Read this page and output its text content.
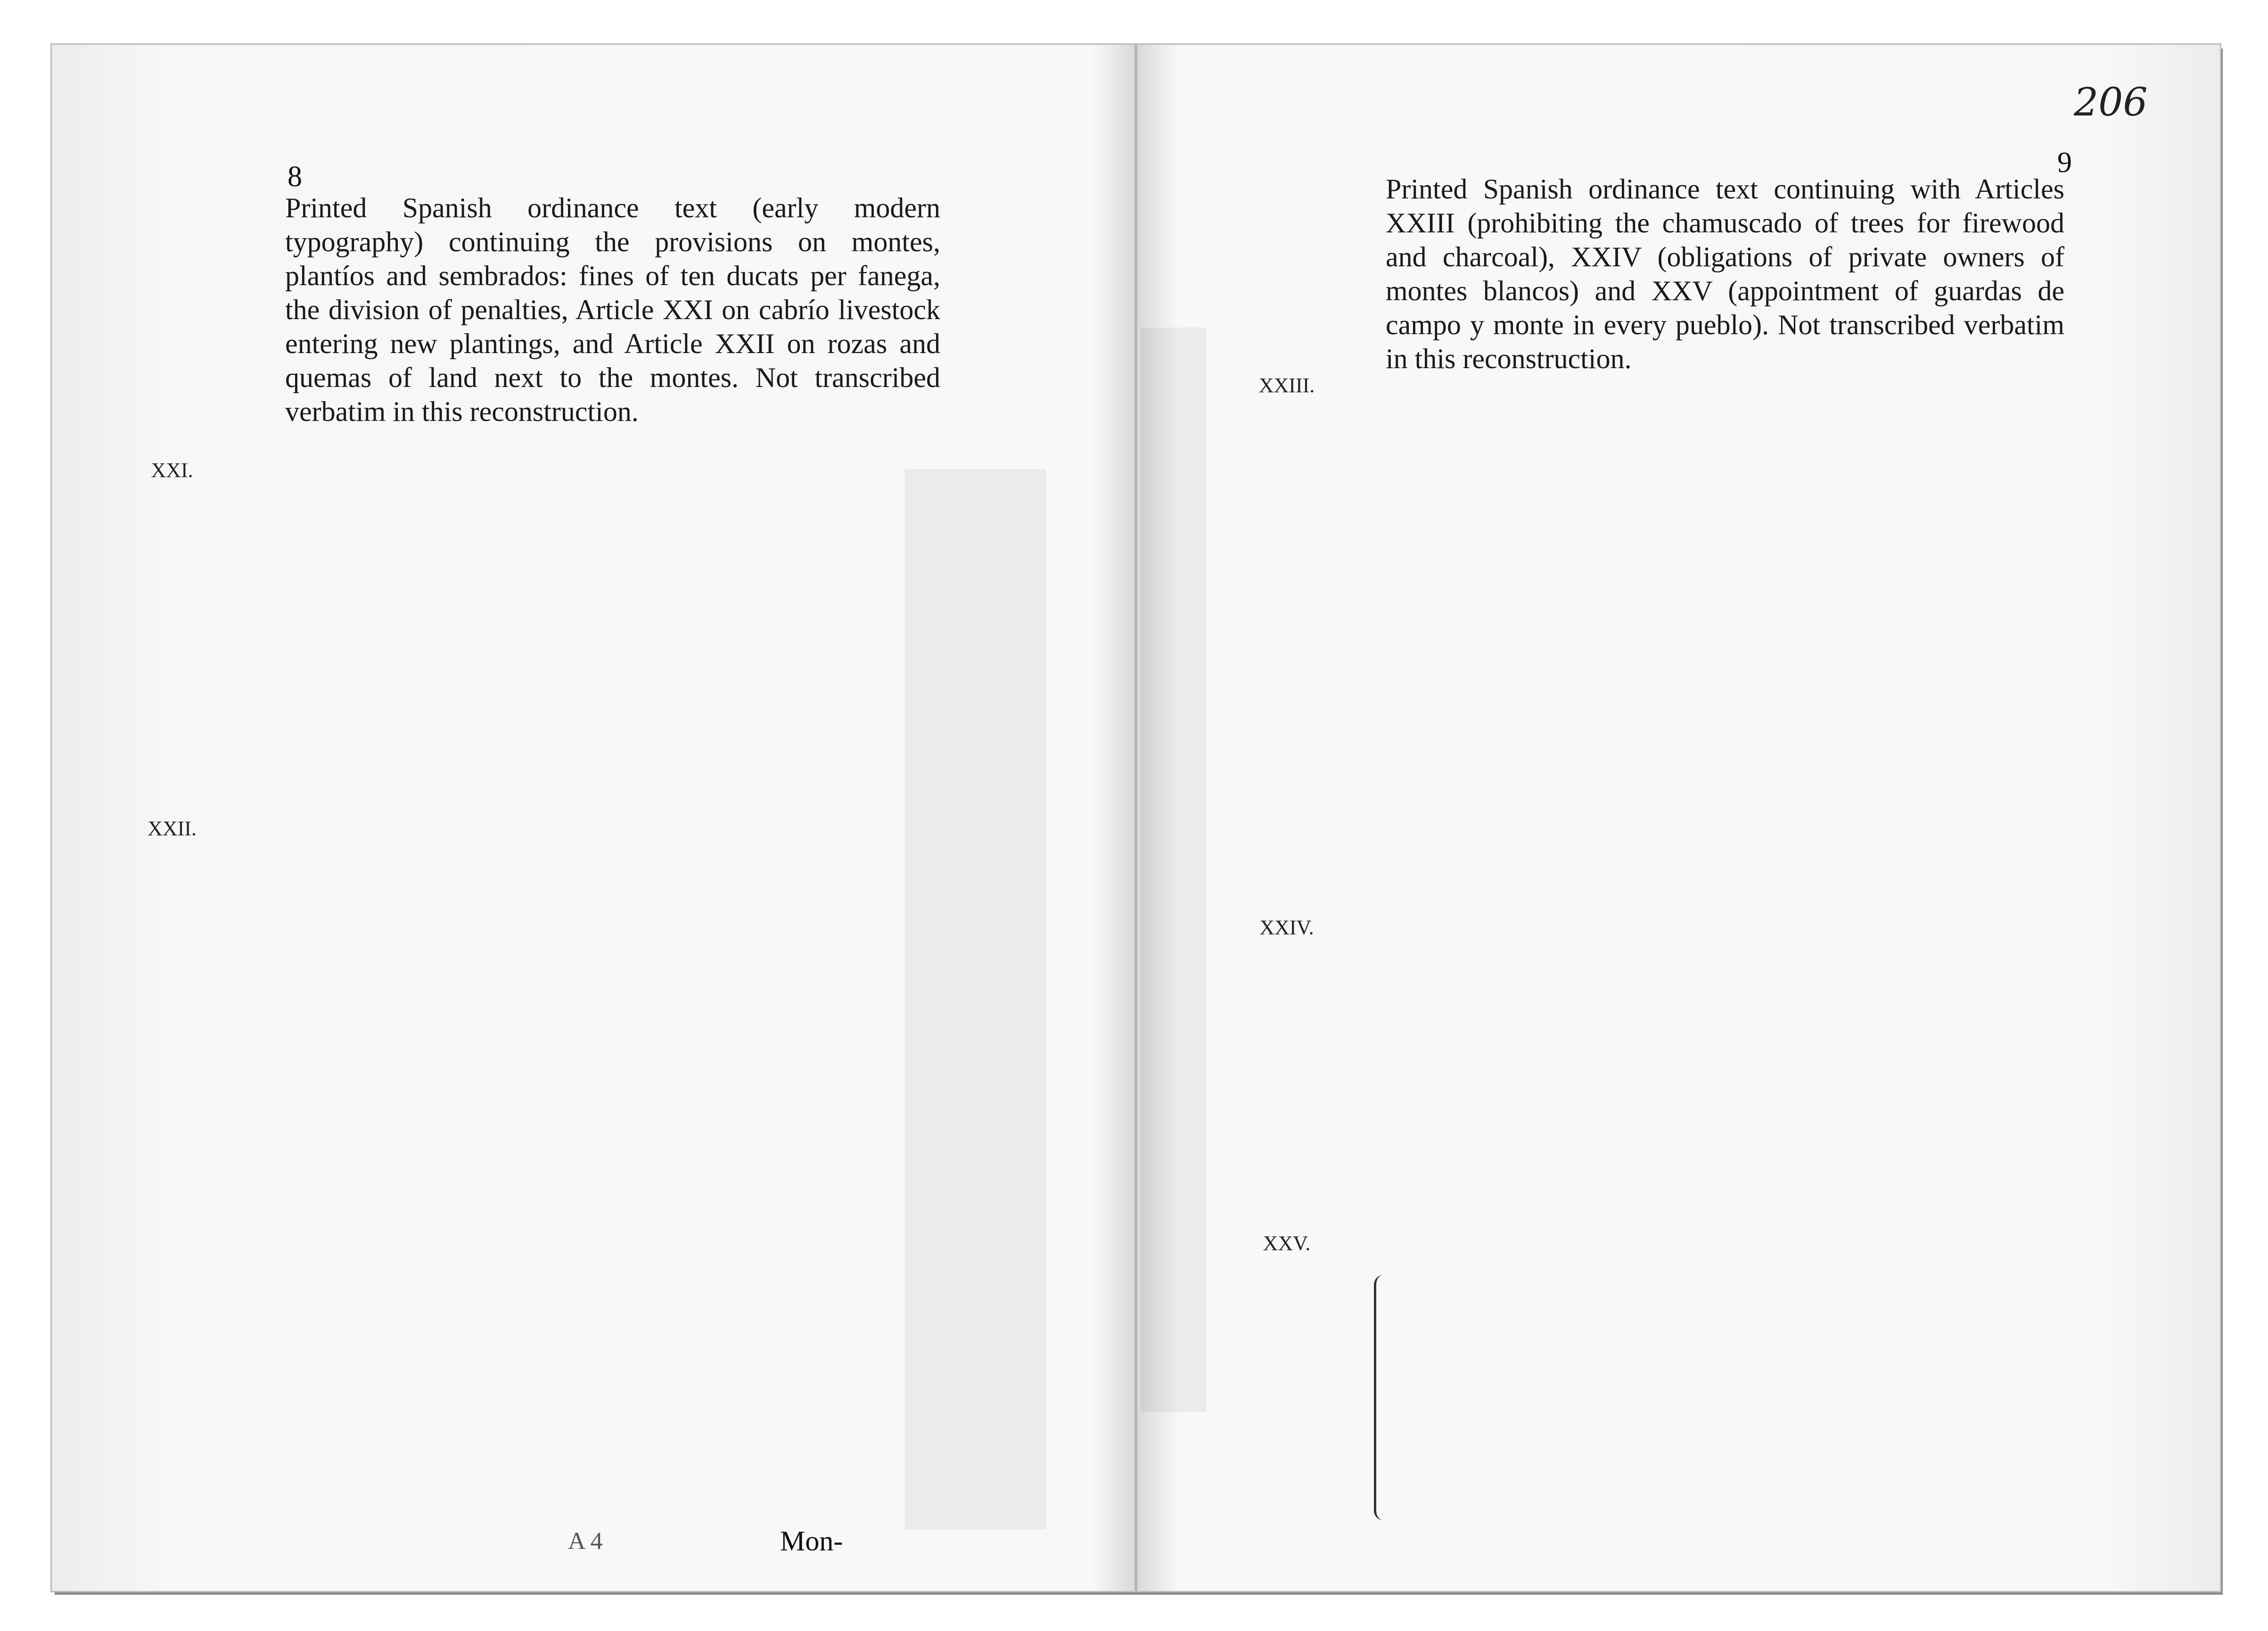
8
Printed Spanish ordinance text (early modern typography) continuing the provisions on montes, plantíos and sembrados: fines of ten ducats per fanega, the division of penalties, Article XXI on cabrío livestock entering new plantings, and Article XXII on rozas and quemas of land next to the montes. Not transcribed verbatim in this reconstruction.
XXI.
XXII.
Mon-
A 4
206
9
Printed Spanish ordinance text continuing with Articles XXIII (prohibiting the chamuscado of trees for firewood and charcoal), XXIV (obligations of private owners of montes blancos) and XXV (appointment of guardas de campo y monte in every pueblo). Not transcribed verbatim in this reconstruction.
XXIII.
XXIV.
XXV.
